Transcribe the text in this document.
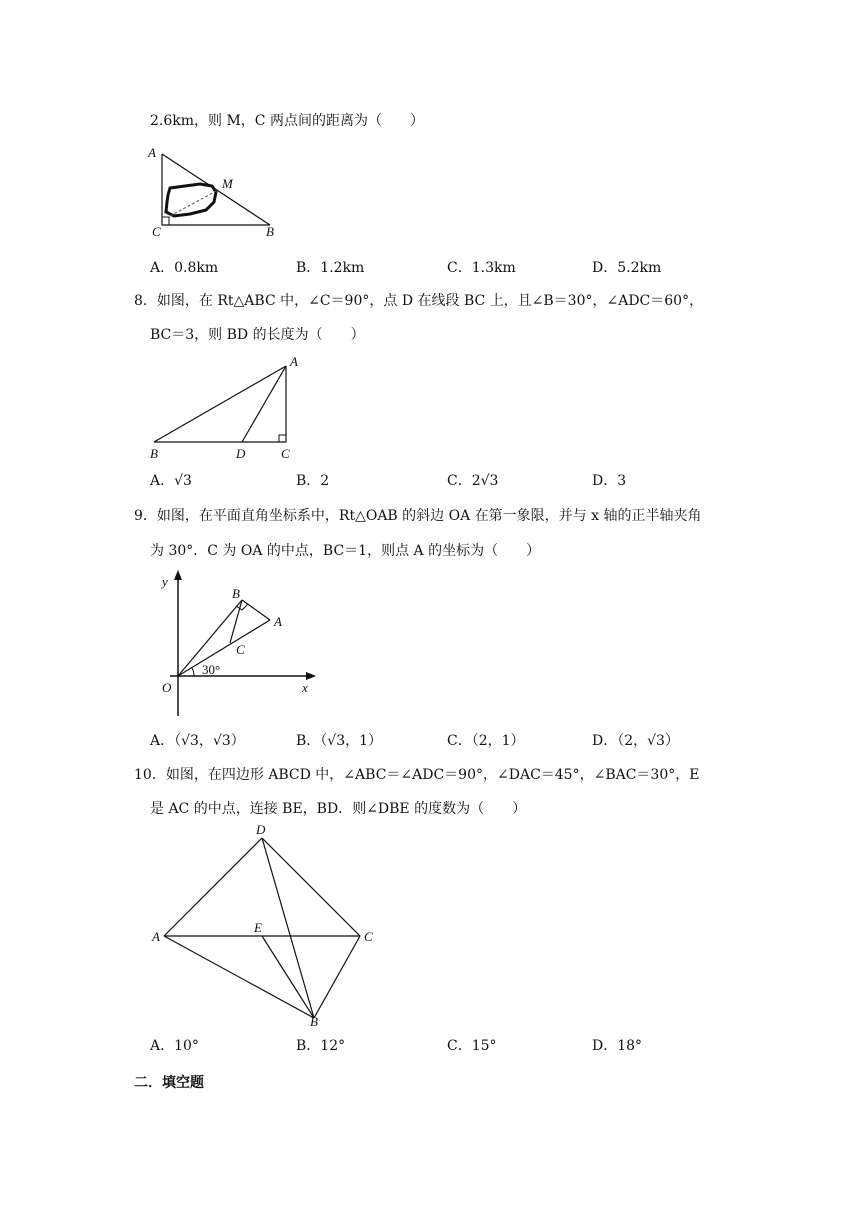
2.6km，则 M，C 两点间的距离为（　　）
A
M
C	B
A．0.8km	B．1.2km	C．1.3km	D．5.2km
8．如图，在 Rt△ABC 中，∠C＝90°，点 D 在线段 BC 上，且∠B＝30°，∠ADC＝60°，
BC＝3，则 BD 的长度为（　　）
A
B	D	C
A．√3	B．2	C．2√3	D．3
9．如图，在平面直角坐标系中，Rt△OAB 的斜边 OA 在第一象限，并与 x 轴的正半轴夹角
为 30°．C 为 OA 的中点，BC＝1，则点 A 的坐标为（　　）
y
x
O
B
A
C
30°
A．（√3，√3）	B．（√3，1）	C．（2，1）	D．（2，√3）
10．如图，在四边形 ABCD 中，∠ABC＝∠ADC＝90°，∠DAC＝45°，∠BAC＝30°，E
是 AC 的中点，连接 BE，BD．则∠DBE 的度数为（　　）
D
A
E
C
B
A．10°	B．12°	C．15°	D．18°
二．填空题
